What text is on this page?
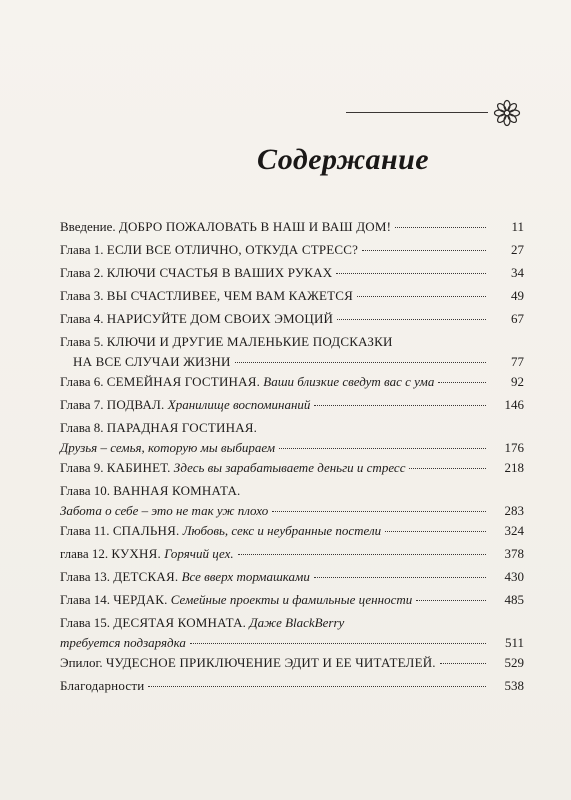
Содержание
Введение. ДОБРО ПОЖАЛОВАТЬ В НАШ И ВАШ ДОМ!	11
Глава 1. ЕСЛИ ВСЕ ОТЛИЧНО, ОТКУДА СТРЕСС?	27
Глава 2. КЛЮЧИ СЧАСТЬЯ В ВАШИХ РУКАХ	34
Глава 3. ВЫ СЧАСТЛИВЕЕ, ЧЕМ ВАМ КАЖЕТСЯ	49
Глава 4. НАРИСУЙТЕ ДОМ СВОИХ ЭМОЦИЙ	67
Глава 5. КЛЮЧИ И ДРУГИЕ МАЛЕНЬКИЕ ПОДСКАЗКИ
НА ВСЕ СЛУЧАИ ЖИЗНИ	77
Глава 6. СЕМЕЙНАЯ ГОСТИНАЯ. Ваши близкие сведут вас с ума	92
Глава 7. ПОДВАЛ. Хранилище воспоминаний	146
Глава 8. ПАРАДНАЯ ГОСТИНАЯ.
Друзья – семья, которую мы выбираем	176
Глава 9. КАБИНЕТ. Здесь вы зарабатываете деньги и стресс	218
Глава 10. ВАННАЯ КОМНАТА.
Забота о себе – это не так уж плохо	283
Глава 11. СПАЛЬНЯ. Любовь, секс и неубранные постели	324
глава 12. КУХНЯ. Горячий цех.	378
Глава 13. ДЕТСКАЯ. Все вверх тормашками	430
Глава 14. ЧЕРДАК. Семейные проекты и фамильные ценности	485
Глава 15. ДЕСЯТАЯ КОМНАТА. Даже BlackBerry
требуется подзарядка	511
Эпилог. ЧУДЕСНОЕ ПРИКЛЮЧЕНИЕ ЭДИТ И ЕЕ ЧИТАТЕЛЕЙ.	529
Благодарности	538
